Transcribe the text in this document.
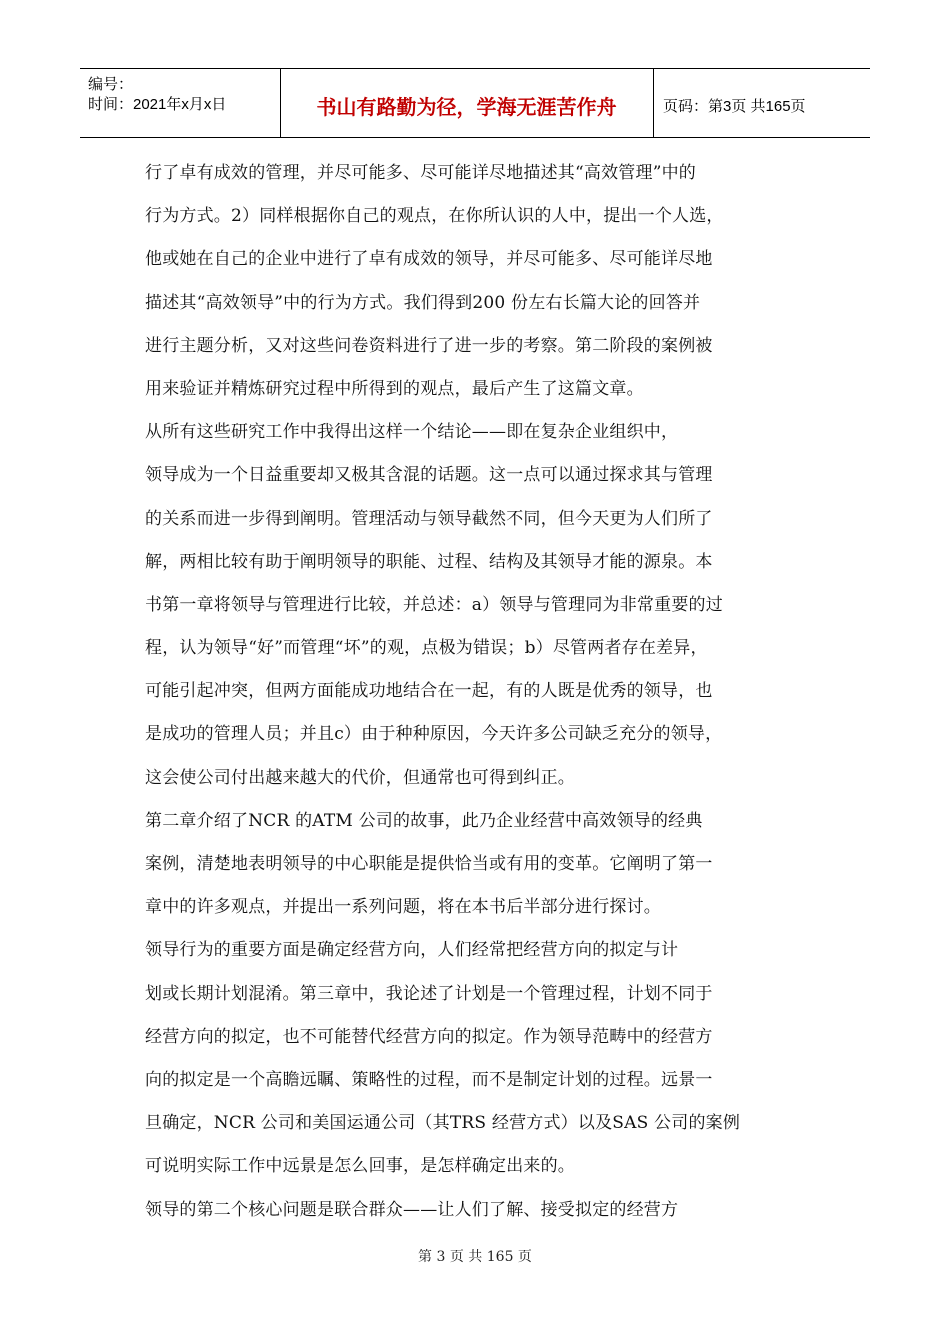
编号：
时间：2021年x月x日	书山有路勤为径，学海无涯苦作舟	页码：第3页 共165页
行了卓有成效的管理，并尽可能多、尽可能详尽地描述其“高效管理”中的
行为方式。2）同样根据你自己的观点，在你所认识的人中，提出一个人选，
他或她在自己的企业中进行了卓有成效的领导，并尽可能多、尽可能详尽地
描述其“高效领导”中的行为方式。我们得到200 份左右长篇大论的回答并
进行主题分析，又对这些问卷资料进行了进一步的考察。第二阶段的案例被
用来验证并精炼研究过程中所得到的观点，最后产生了这篇文章。
从所有这些研究工作中我得出这样一个结论——即在复杂企业组织中，
领导成为一个日益重要却又极其含混的话题。这一点可以通过探求其与管理
的关系而进一步得到阐明。管理活动与领导截然不同，但今天更为人们所了
解，两相比较有助于阐明领导的职能、过程、结构及其领导才能的源泉。本
书第一章将领导与管理进行比较，并总述：a）领导与管理同为非常重要的过
程，认为领导“好”而管理“坏”的观，点极为错误；b）尽管两者存在差异，
可能引起冲突，但两方面能成功地结合在一起，有的人既是优秀的领导，也
是成功的管理人员；并且c）由于种种原因，今天许多公司缺乏充分的领导，
这会使公司付出越来越大的代价，但通常也可得到纠正。
第二章介绍了NCR 的ATM 公司的故事，此乃企业经营中高效领导的经典
案例，清楚地表明领导的中心职能是提供恰当或有用的变革。它阐明了第一
章中的许多观点，并提出一系列问题，将在本书后半部分进行探讨。
领导行为的重要方面是确定经营方向，人们经常把经营方向的拟定与计
划或长期计划混淆。第三章中，我论述了计划是一个管理过程，计划不同于
经营方向的拟定，也不可能替代经营方向的拟定。作为领导范畴中的经营方
向的拟定是一个高瞻远瞩、策略性的过程，而不是制定计划的过程。远景一
旦确定，NCR 公司和美国运通公司（其TRS 经营方式）以及SAS 公司的案例
可说明实际工作中远景是怎么回事，是怎样确定出来的。
领导的第二个核心问题是联合群众——让人们了解、接受拟定的经营方
第 3 页 共 165 页
